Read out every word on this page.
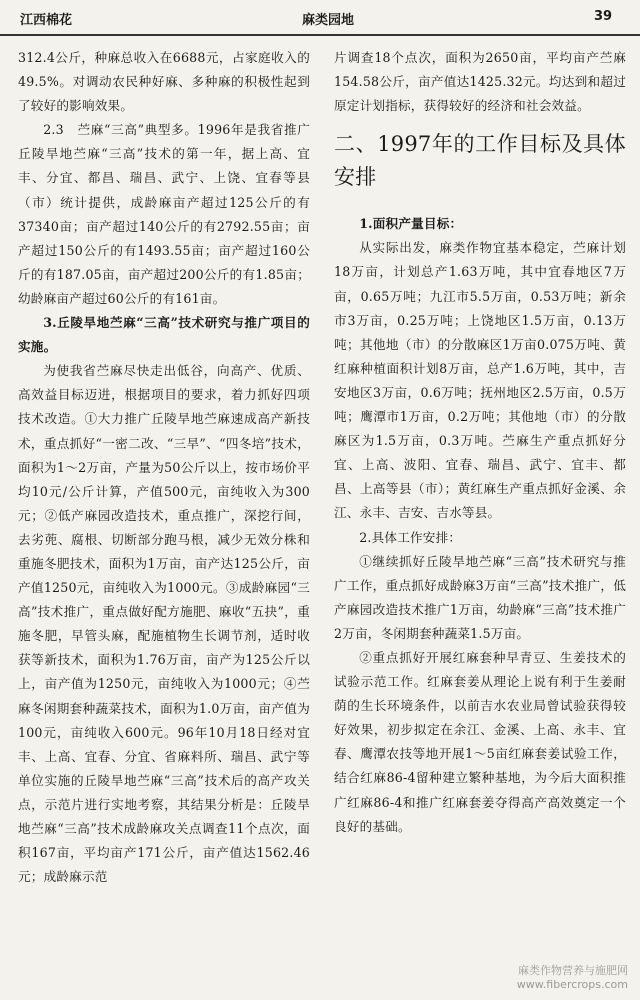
江西棉花	麻类园地	39

312.4公斤，种麻总收入在6688元，占家庭收入的49.5%。对调动农民种好麻、多种麻的积极性起到了较好的影响效果。

2.3　苎麻“三高”典型多。1996年是我省推广丘陵旱地苎麻“三高”技术的第一年，据上高、宜丰、分宜、都昌、瑞昌、武宁、上饶、宜春等县（市）统计提供，成龄麻亩产超过125公斤的有37340亩；亩产超过140公斤的有2792.55亩；亩产超过150公斤的有1493.55亩；亩产超过160公斤的有187.05亩，亩产超过200公斤的有1.85亩；幼龄麻亩产超过60公斤的有161亩。

3.丘陵旱地苎麻“三高”技术研究与推广项目的实施。

为使我省苎麻尽快走出低谷，向高产、优质、高效益目标迈进，根据项目的要求，着力抓好四项技术改造。①大力推广丘陵旱地苎麻速成高产新技术，重点抓好“一密二改、“三旱”、“四冬培”技术，面积为1～2万亩，产量为50公斤以上，按市场价平均10元/公斤计算，产值500元，亩纯收入为300元；②低产麻园改造技术，重点推广，深挖行间，去劣蔸、腐根、切断部分跑马根，减少无效分株和重施冬肥技术，面积为1万亩，亩产达125公斤，亩产值1250元，亩纯收入为1000元。③成龄麻园“三高”技术推广，重点做好配方施肥、麻收“五抉”，重施冬肥，早管头麻，配施植物生长调节剂，适时收获等新技术，面积为1.76万亩，亩产为125公斤以上，亩产值为1250元，亩纯收入为1000元；④苎麻冬闲期套种蔬菜技术，面积为1.0万亩，亩产值为100元，亩纯收入600元。96年10月18日经对宜丰、上高、宜春、分宜、省麻料所、瑞昌、武宁等单位实施的丘陵旱地苎麻“三高”技术后的高产攻关点，示范片进行实地考察，其结果分析是：丘陵旱地苎麻“三高”技术成龄麻攻关点调查11个点次，面积167亩，平均亩产171公斤，亩产值达1562.46元；成龄麻示范

片调查18个点次，面积为2650亩，平均亩产苎麻154.58公斤，亩产值达1425.32元。均达到和超过原定计划指标，获得较好的经济和社会效益。

二、1997年的工作目标及具体安排

1.面积产量目标：

从实际出发，麻类作物宜基本稳定，苎麻计划18万亩，计划总产1.63万吨，其中宜春地区7万亩，0.65万吨；九江市5.5万亩，0.53万吨；新余市3万亩，0.25万吨；上饶地区1.5万亩，0.13万吨；其他地（市）的分散麻区1万亩0.075万吨、黄红麻种植面积计划8万亩，总产1.6万吨，其中，吉安地区3万亩，0.6万吨；抚州地区2.5万亩，0.5万吨；鹰潭市1万亩，0.2万吨；其他地（市）的分散麻区为1.5万亩，0.3万吨。苎麻生产重点抓好分宜、上高、波阳、宜春、瑞昌、武宁、宜丰、都昌、上高等县（市）；黄红麻生产重点抓好金溪、余江、永丰、吉安、吉水等县。

2.具体工作安排：

①继续抓好丘陵旱地苎麻“三高”技术研究与推广工作，重点抓好成龄麻3万亩“三高”技术推广，低产麻园改造技术推广1万亩，幼龄麻“三高”技术推广2万亩，冬闲期套种蔬菜1.5万亩。

②重点抓好开展红麻套种早青豆、生姜技术的试验示范工作。红麻套姜从理论上说有利于生姜耐荫的生长环境条件，以前吉水农业局曾试验获得较好效果，初步拟定在余江、金溪、上高、永丰、宜春、鹰潭农技等地开展1～5亩红麻套姜试验工作，结合红麻86-4留种建立繁种基地，为今后大面积推广红麻86-4和推广红麻套姜夺得高产高效奠定一个良好的基础。

麻类作物营养与施肥网
www.fibercrops.com
